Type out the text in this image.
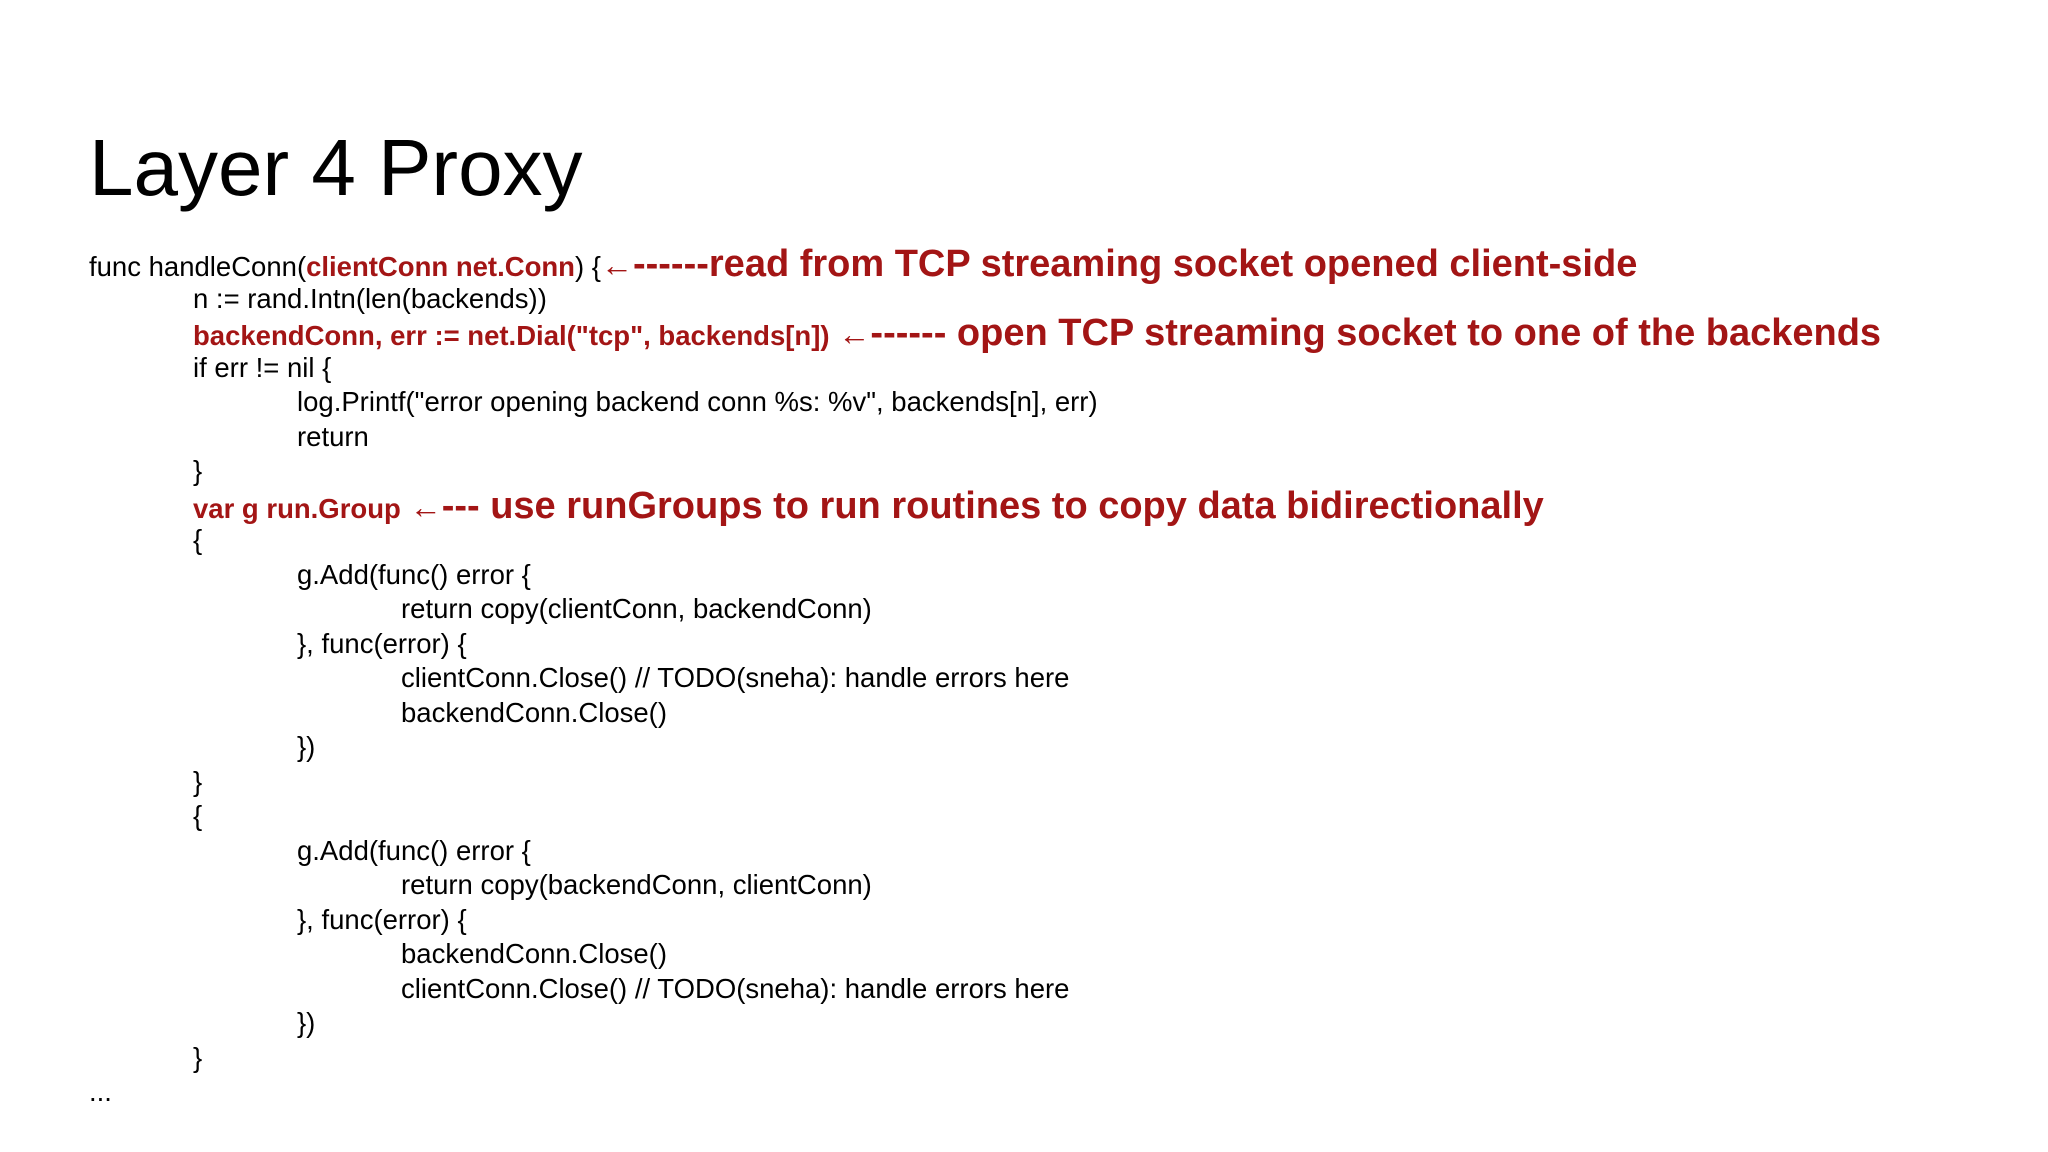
Layer 4 Proxy
func handleConn(clientConn net.Conn) {←------read from TCP streaming socket opened client-side
n := rand.Intn(len(backends))
backendConn, err := net.Dial("tcp", backends[n]) ←------ open TCP streaming socket to one of the backends
if err != nil {
log.Printf("error opening backend conn %s: %v", backends[n], err)
return
}
var g run.Group ←--- use runGroups to run routines to copy data bidirectionally
{
g.Add(func() error {
return copy(clientConn, backendConn)
}, func(error) {
clientConn.Close() // TODO(sneha): handle errors here
backendConn.Close()
})
}
{
g.Add(func() error {
return copy(backendConn, clientConn)
}, func(error) {
backendConn.Close()
clientConn.Close() // TODO(sneha): handle errors here
})
}
...
